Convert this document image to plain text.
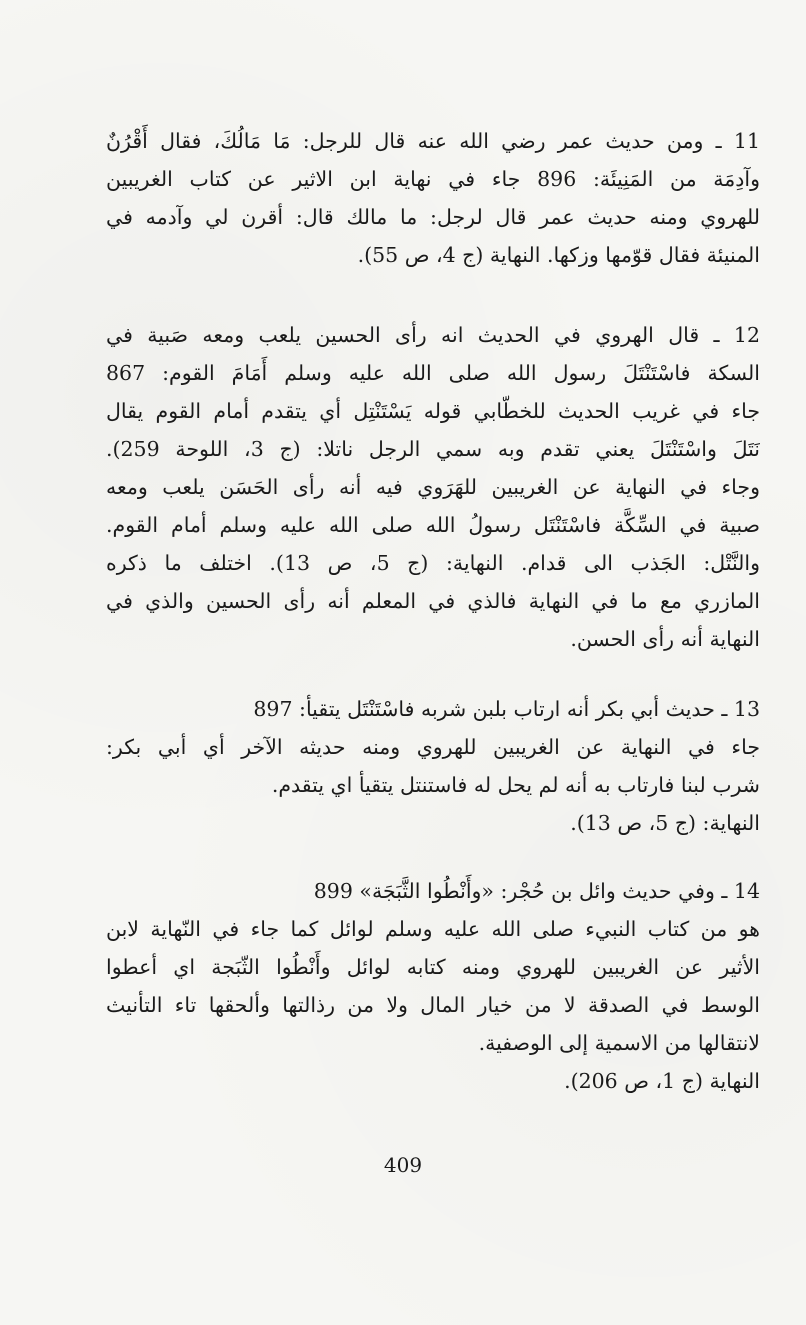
11 ـ ومن حديث عمر رضي الله عنه قال للرجل: مَا مَالُكَ، فقال أَقْرُنٌ
وآدِمَة من المَنِيئَة: 896 جاء في نهاية ابن الاثير عن كتاب الغريبين
للهروي ومنه حديث عمر قال لرجل: ما مالك قال: أقرن لي وآدمه في
المنيئة فقال قوّمها وزكها. النهاية (ج 4، ص 55).
12 ـ قال الهروي في الحديث انه رأى الحسين يلعب ومعه صَبية في
السكة فاسْتَنْتَلَ رسول الله صلى الله عليه وسلم أَمَامَ القوم: 867
جاء في غريب الحديث للخطّابي قوله يَسْتَنْتِل أي يتقدم أمام القوم يقال
نَتَلَ واسْتَنْتَلَ يعني تقدم وبه سمي الرجل ناتلا: (ج 3، اللوحة 259).
وجاء في النهاية عن الغريبين للهَرَوي فيه أنه رأى الحَسَن يلعب ومعه
صبية في السِّكَّة فاسْتَنْتَل رسولُ الله صلى الله عليه وسلم أمام القوم.
والنَّتْل: الجَذب الى قدام. النهاية: (ج 5، ص 13). اختلف ما ذكره
المازري مع ما في النهاية فالذي في المعلم أنه رأى الحسين والذي في
النهاية أنه رأى الحسن.
13 ـ حديث أبي بكر أنه ارتاب بلبن شربه فاسْتَنْتَل يتقيأ: 897
جاء في النهاية عن الغريبين للهروي ومنه حديثه الآخر أي أبي بكر:
شرب لبنا فارتاب به أنه لم يحل له فاستنتل يتقيأ اي يتقدم.
النهاية: (ج 5، ص 13).
14 ـ وفي حديث وائل بن حُجْر: «وأَنْطُوا الثَّبَجَة» 899
هو من كتاب النبيء صلى الله عليه وسلم لوائل كما جاء في النّهاية لابن
الأثير عن الغريبين للهروي ومنه كتابه لوائل وأَنْطُوا الثّبَجة اي أعطوا
الوسط في الصدقة لا من خيار المال ولا من رذالتها وألحقها تاء التأنيث
لانتقالها من الاسمية إلى الوصفية.
النهاية (ج 1، ص 206).
409
